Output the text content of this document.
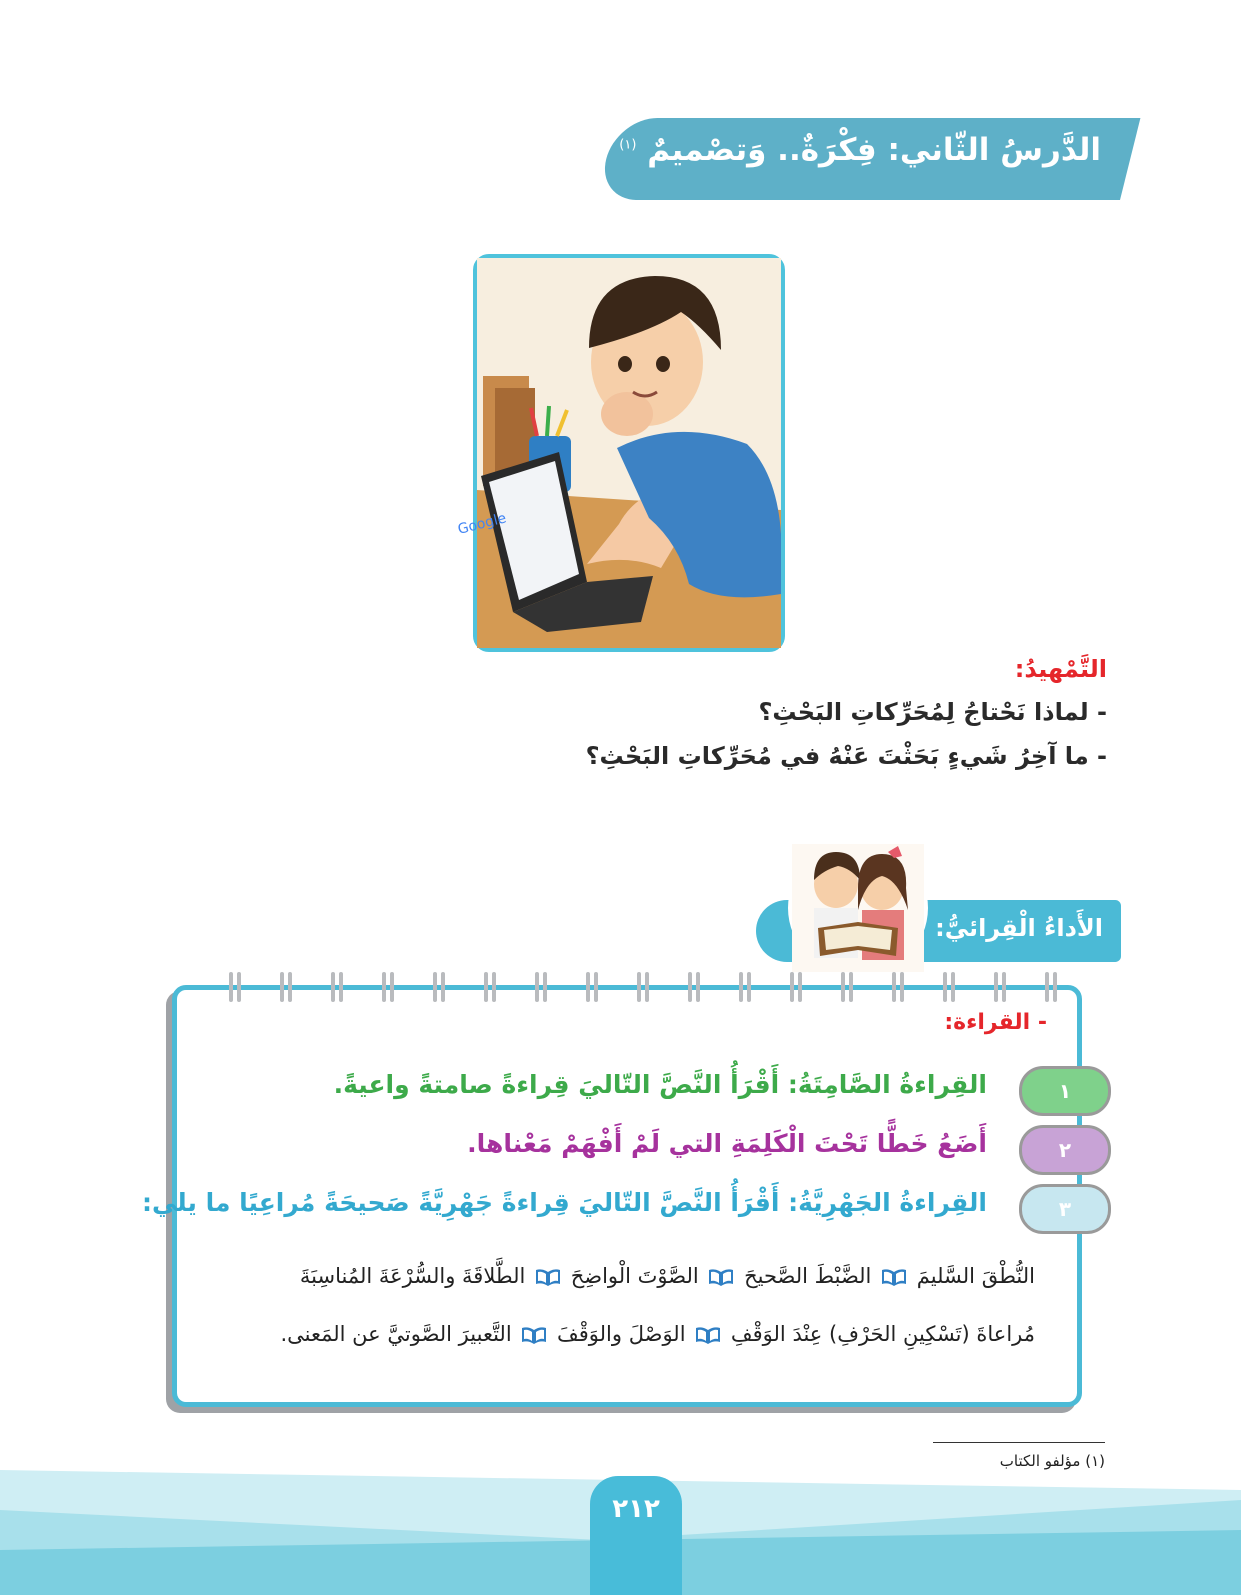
الدَّرسُ الثّاني: فِكْرَةٌ.. وَتصْميمٌ $^{(١)}$
Google
التَّمْهيدُ:
- لماذا نَحْتاجُ لِمُحَرِّكاتِ البَحْثِ؟
- ما آخِرُ شَيءٍ بَحَثْتَ عَنْهُ في مُحَرِّكاتِ البَحْثِ؟
الأَداءُ الْقِرائيُّ:
- القراءة:
١
القِراءةُ الصَّامِتَةُ: أَقْرَأُ النَّصَّ التّاليَ قِراءةً صامتةً واعيةً.
٢
أَضَعُ خَطًّا تَحْتَ الْكَلِمَةِ التي لَمْ أَفْهَمْ مَعْناها.
٣
القِراءةُ الجَهْرِيَّةُ: أَقْرَأُ النَّصَّ التّاليَ قِراءةً جَهْرِيَّةً صَحيحَةً مُراعِيًا ما يلي:
النُّطْقَ السَّليمَ  الضَّبْطَ الصَّحيحَ  الصَّوْتَ الْواضِحَ  الطَّلاقَةَ والسُّرْعَةَ المُناسِبَةَ
مُراعاةَ (تَسْكِينِ الحَرْفِ) عِنْدَ الوَقْفِ  الوَصْلَ والوَقْفَ  التَّعبيرَ الصَّوتيَّ عن المَعنى.
(١) مؤلفو الكتاب
٢١٢
